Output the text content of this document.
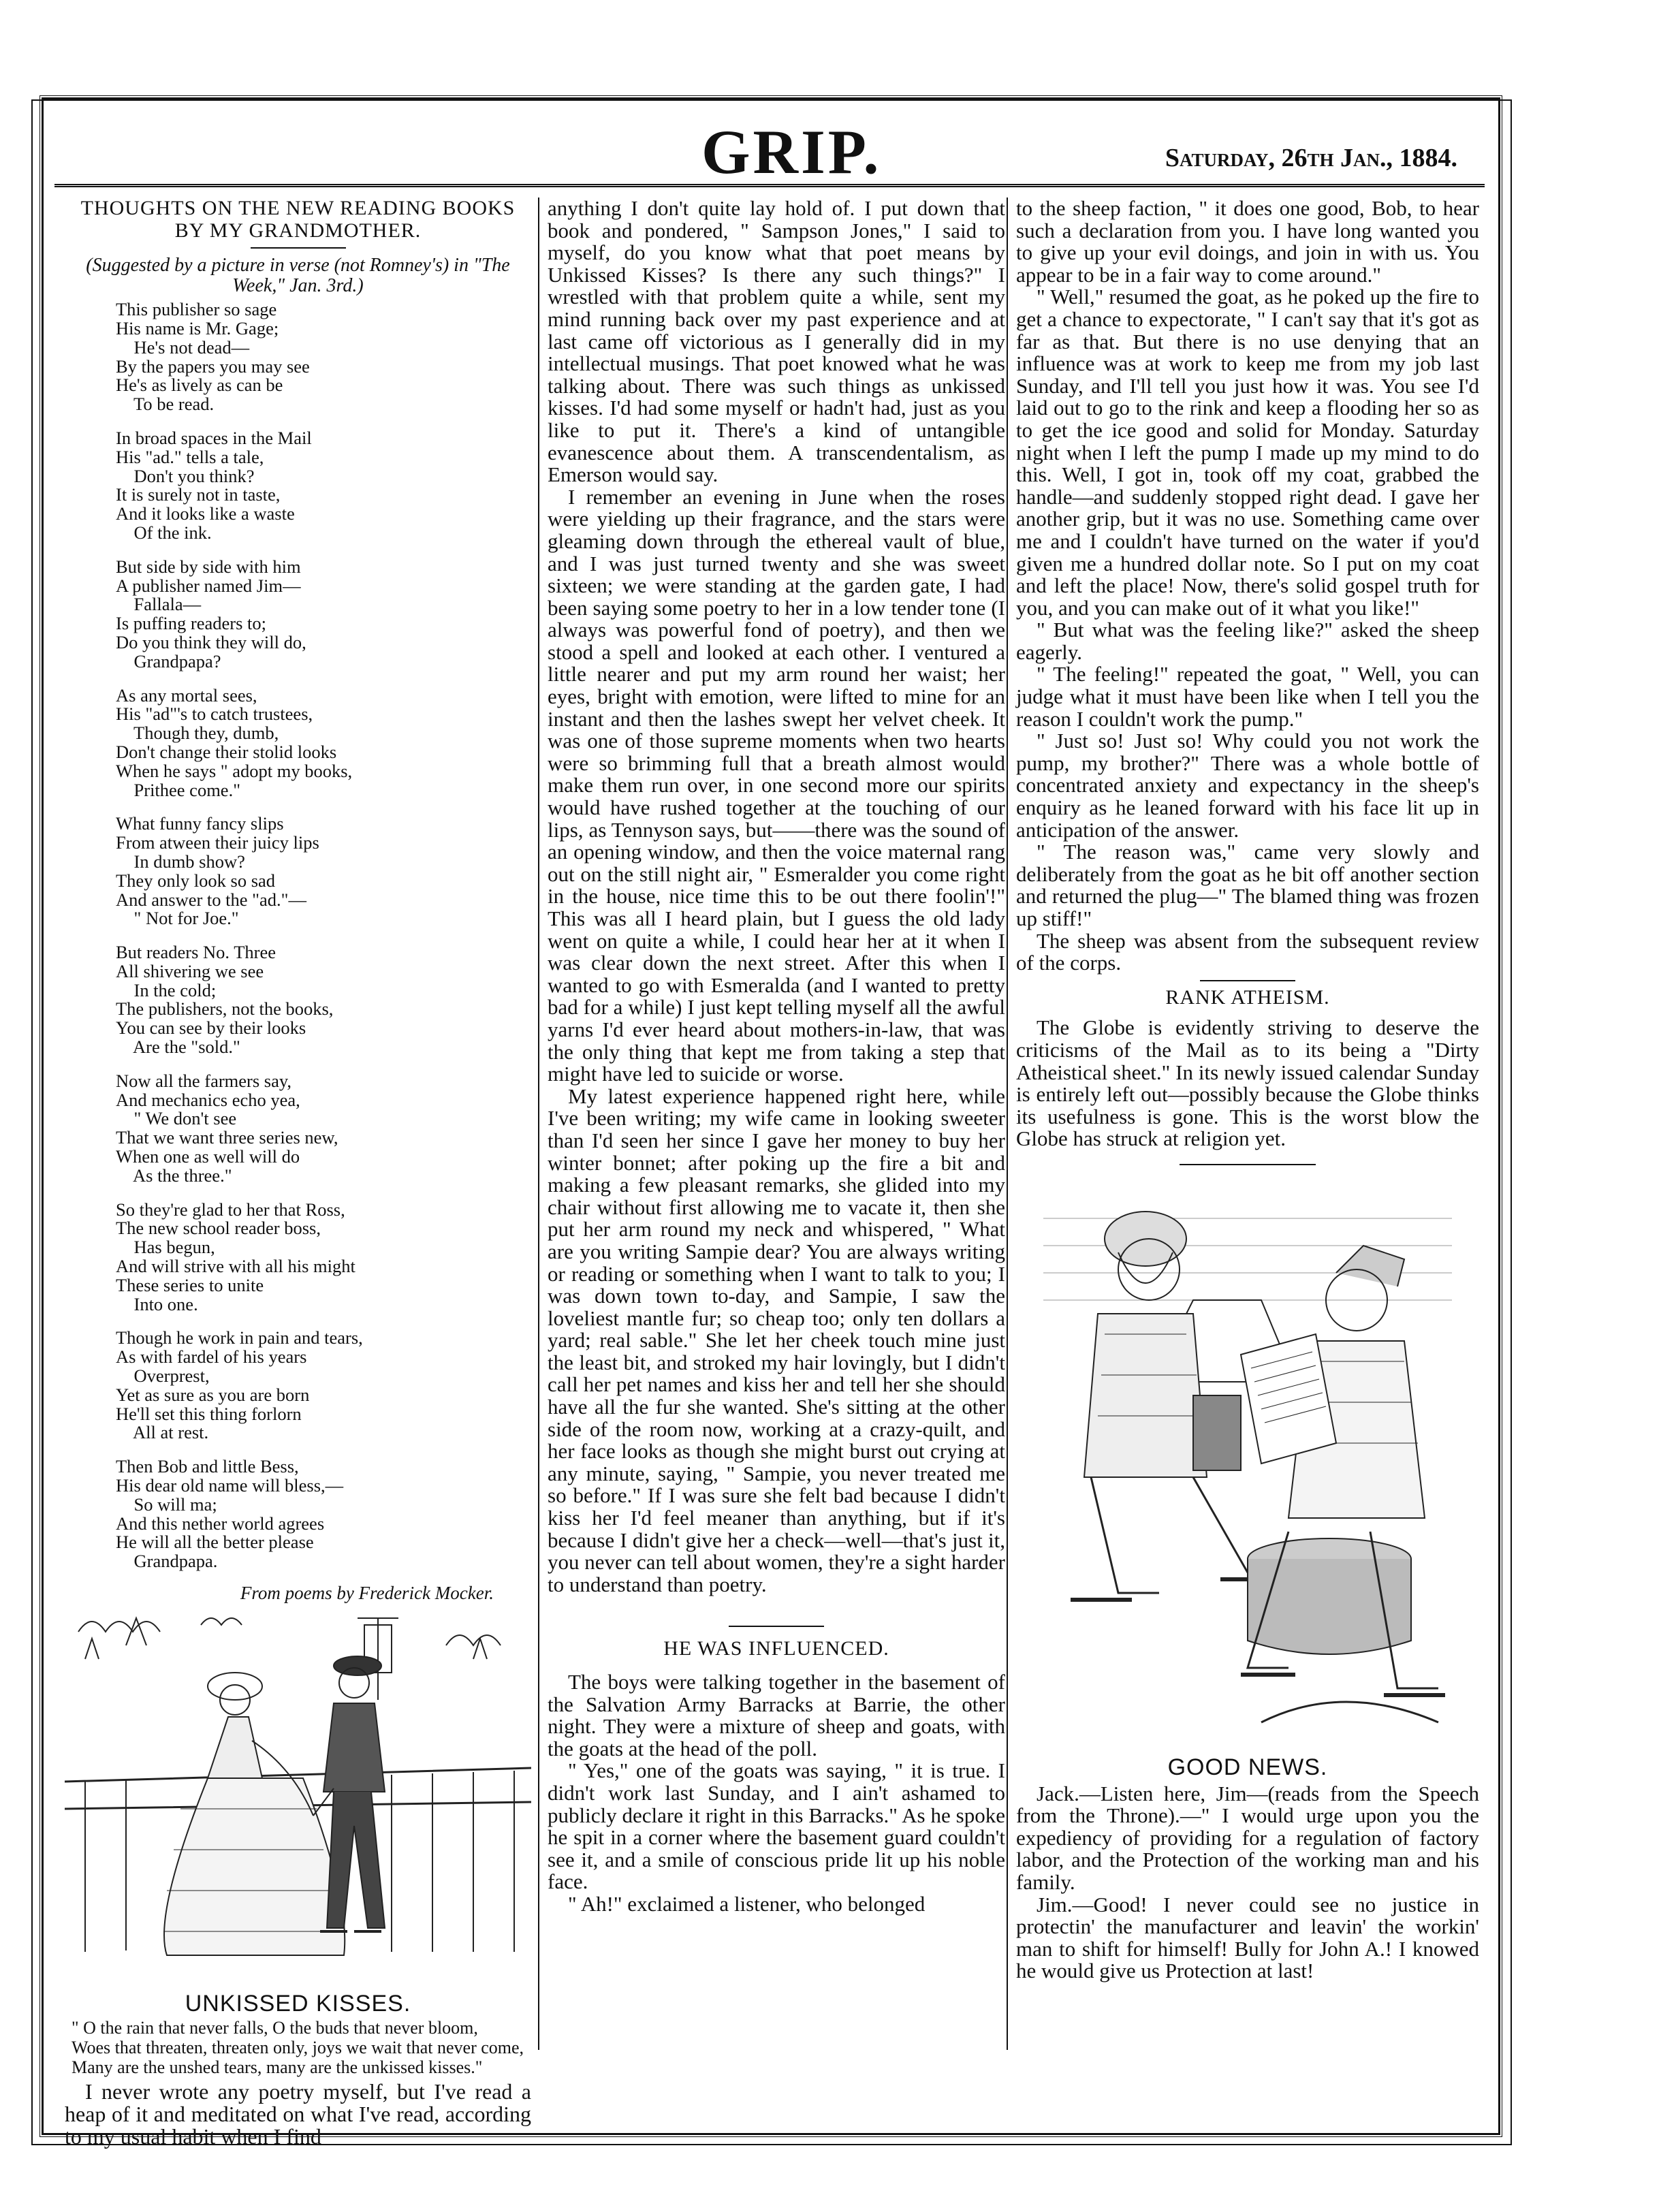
GRIP.	Saturday, 26th Jan., 1884.

THOUGHTS ON THE NEW READING BOOKS BY MY GRANDMOTHER.

(Suggested by a picture in verse (not Romney's) in "The Week," Jan. 3rd.)

This publisher so sage
His name is Mr. Gage;
He's not dead—
By the papers you may see
He's as lively as can be
To be read.
In broad spaces in the Mail
His "ad." tells a tale,
Don't you think?
It is surely not in taste,
And it looks like a waste
Of the ink.
But side by side with him
A publisher named Jim—
Fallala—
Is puffing readers to;
Do you think they will do,
Grandpapa?
As any mortal sees,
His "ad"'s to catch trustees,
Though they, dumb,
Don't change their stolid looks
When he says " adopt my books,
Prithee come."
What funny fancy slips
From atween their juicy lips
In dumb show?
They only look so sad
And answer to the "ad."—
" Not for Joe."
But readers No. Three
All shivering we see
In the cold;
The publishers, not the books,
You can see by their looks
Are the "sold."
Now all the farmers say,
And mechanics echo yea,
" We don't see
That we want three series new,
When one as well will do
As the three."
So they're glad to her that Ross,
The new school reader boss,
Has begun,
And will strive with all his might
These series to unite
Into one.
Though he work in pain and tears,
As with fardel of his years
Overprest,
Yet as sure as you are born
He'll set this thing forlorn
All at rest.
Then Bob and little Bess,
His dear old name will bless,—
So will ma;
And this nether world agrees
He will all the better please
Grandpapa.
From poems by Frederick Mocker.

UNKISSED KISSES.

" O the rain that never falls, O the buds that never bloom,
Woes that threaten, threaten only, joys we wait that never come,
Many are the unshed tears, many are the unkissed kisses."

I never wrote any poetry myself, but I've read a heap of it and meditated on what I've read, according to my usual habit when I find

anything I don't quite lay hold of. I put down that book and pondered, " Sampson Jones," I said to myself, do you know what that poet means by Unkissed Kisses? Is there any such things?" I wrestled with that problem quite a while, sent my mind running back over my past experience and at last came off victorious as I generally did in my intellectual musings. That poet knowed what he was talking about. There was such things as unkissed kisses. I'd had some myself or hadn't had, just as you like to put it. There's a kind of untangible evanescence about them. A transcendentalism, as Emerson would say.

I remember an evening in June when the roses were yielding up their fragrance, and the stars were gleaming down through the ethereal vault of blue, and I was just turned twenty and she was sweet sixteen; we were standing at the garden gate, I had been saying some poetry to her in a low tender tone (I always was powerful fond of poetry), and then we stood a spell and looked at each other. I ventured a little nearer and put my arm round her waist; her eyes, bright with emotion, were lifted to mine for an instant and then the lashes swept her velvet cheek. It was one of those supreme moments when two hearts were so brimming full that a breath almost would make them run over, in one second more our spirits would have rushed together at the touching of our lips, as Tennyson says, but——there was the sound of an opening window, and then the voice maternal rang out on the still night air, " Esmeralder you come right in the house, nice time this to be out there foolin'!" This was all I heard plain, but I guess the old lady went on quite a while, I could hear her at it when I was clear down the next street. After this when I wanted to go with Esmeralda (and I wanted to pretty bad for a while) I just kept telling myself all the awful yarns I'd ever heard about mothers-in-law, that was the only thing that kept me from taking a step that might have led to suicide or worse.

My latest experience happened right here, while I've been writing; my wife came in looking sweeter than I'd seen her since I gave her money to buy her winter bonnet; after poking up the fire a bit and making a few pleasant remarks, she glided into my chair without first allowing me to vacate it, then she put her arm round my neck and whispered, " What are you writing Sampie dear? You are always writing or reading or something when I want to talk to you; I was down town to-day, and Sampie, I saw the loveliest mantle fur; so cheap too; only ten dollars a yard; real sable." She let her cheek touch mine just the least bit, and stroked my hair lovingly, but I didn't call her pet names and kiss her and tell her she should have all the fur she wanted. She's sitting at the other side of the room now, working at a crazy-quilt, and her face looks as though she might burst out crying at any minute, saying, " Sampie, you never treated me so before." If I was sure she felt bad because I didn't kiss her I'd feel meaner than anything, but if it's because I didn't give her a check—well—that's just it, you never can tell about women, they're a sight harder to understand than poetry.

HE WAS INFLUENCED.

The boys were talking together in the basement of the Salvation Army Barracks at Barrie, the other night. They were a mixture of sheep and goats, with the goats at the head of the poll.

" Yes," one of the goats was saying, " it is true. I didn't work last Sunday, and I ain't ashamed to publicly declare it right in this Barracks." As he spoke he spit in a corner where the basement guard couldn't see it, and a smile of conscious pride lit up his noble face.

" Ah!" exclaimed a listener, who belonged

to the sheep faction, " it does one good, Bob, to hear such a declaration from you. I have long wanted you to give up your evil doings, and join in with us. You appear to be in a fair way to come around."

" Well," resumed the goat, as he poked up the fire to get a chance to expectorate, " I can't say that it's got as far as that. But there is no use denying that an influence was at work to keep me from my job last Sunday, and I'll tell you just how it was. You see I'd laid out to go to the rink and keep a flooding her so as to get the ice good and solid for Monday. Saturday night when I left the pump I made up my mind to do this. Well, I got in, took off my coat, grabbed the handle—and suddenly stopped right dead. I gave her another grip, but it was no use. Something came over me and I couldn't have turned on the water if you'd given me a hundred dollar note. So I put on my coat and left the place! Now, there's solid gospel truth for you, and you can make out of it what you like!"

" But what was the feeling like?" asked the sheep eagerly.

" The feeling!" repeated the goat, " Well, you can judge what it must have been like when I tell you the reason I couldn't work the pump."

" Just so! Just so! Why could you not work the pump, my brother?" There was a whole bottle of concentrated anxiety and expectancy in the sheep's enquiry as he leaned forward with his face lit up in anticipation of the answer.

" The reason was," came very slowly and deliberately from the goat as he bit off another section and returned the plug—" The blamed thing was frozen up stiff!"

The sheep was absent from the subsequent review of the corps.

RANK ATHEISM.

The Globe is evidently striving to deserve the criticisms of the Mail as to its being a "Dirty Atheistical sheet." In its newly issued calendar Sunday is entirely left out—possibly because the Globe thinks its usefulness is gone. This is the worst blow the Globe has struck at religion yet.

GOOD NEWS.

Jack.—Listen here, Jim—(reads from the Speech from the Throne).—" I would urge upon you the expediency of providing for a regulation of factory labor, and the Protection of the working man and his family.

Jim.—Good! I never could see no justice in protectin' the manufacturer and leavin' the workin' man to shift for himself! Bully for John A.! I knowed he would give us Protection at last!
